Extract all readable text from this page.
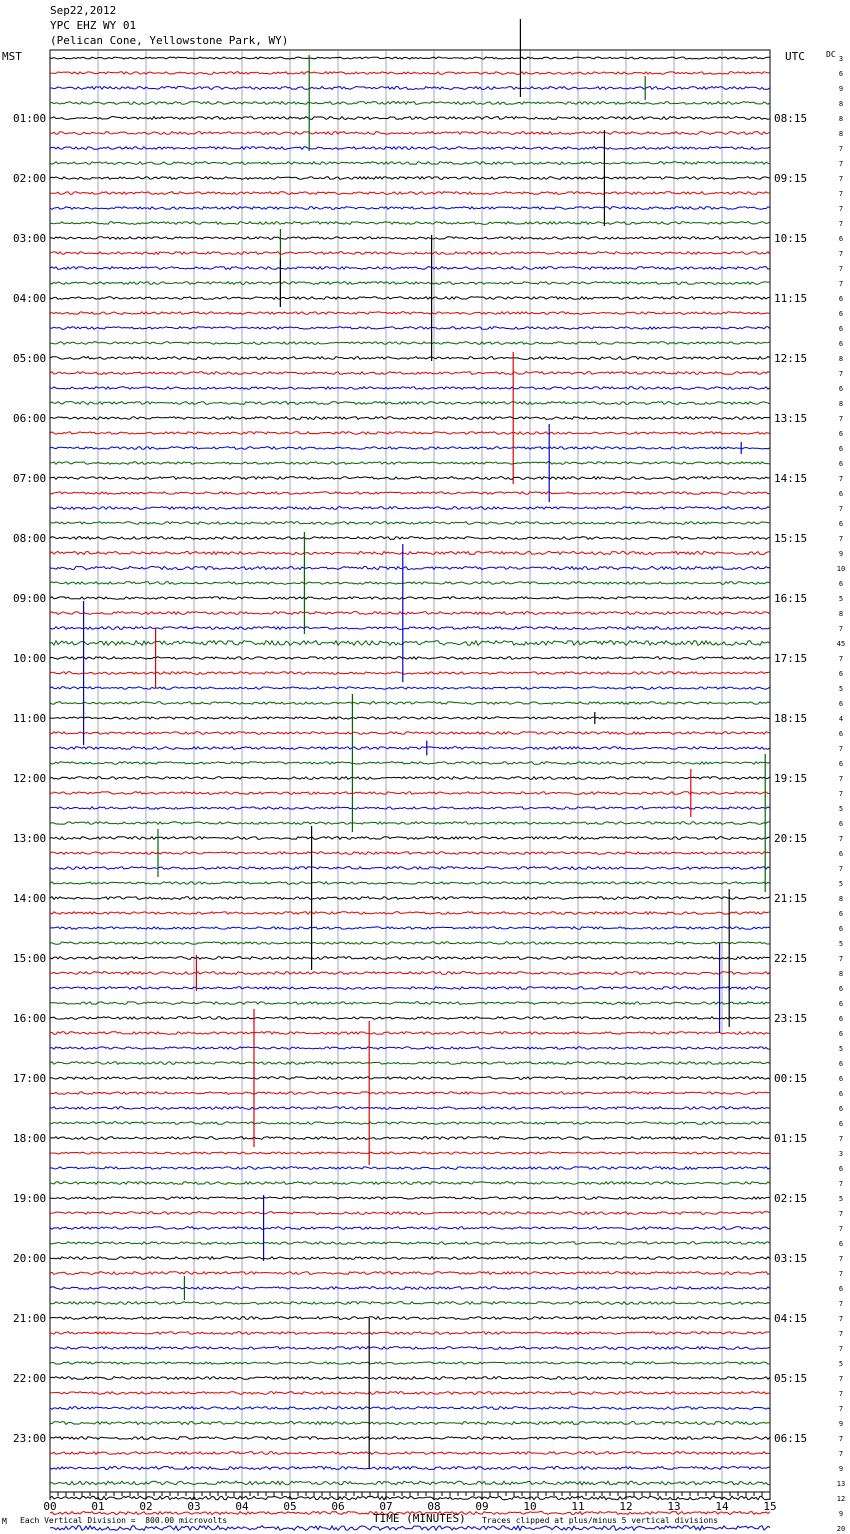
Sep22,2012
YPC EHZ WY 01
(Pelican Cone, Yellowstone Park, WY)
MST	UTC	DC 3
6
9
8
8
8
7
7
7
7
7
7
6
7
7
7
6
6
6
6
8
7
6
8
7
6
6
6
7
6
7
6
7
9
10
6
5
8
7
45
7
6
5
6
4
6
7
6
7
7
5
6
7
6
7
5
8
6
6
5
7
8
6
6
6
6
5
6
6
6
6
6
7
3
6
7
5
7
7
6
7
7
6
7
7
7
7
5
7
7
7
9
7
7
9
13
12
9
20
01:00
02:00
03:00
04:00
05:00
06:00
07:00
08:00
09:00
10:00
11:00
12:00
13:00
14:00
15:00
16:00
17:00
18:00
19:00
20:00
21:00
22:00
23:00
08:15
09:15
10:15
11:15
12:15
13:15
14:15
15:15
16:15
17:15
18:15
19:15
20:15
21:15
22:15
23:15
00:15
01:15
02:15
03:15
04:15
05:15
06:15
00	01	02	03	04	05	06	07	08	09	10	11	12	13	14	15
M Each Vertical Division =  800.00 microvolts	TIME (MINUTES) Traces clipped at plus/minus 5 vertical divisions
